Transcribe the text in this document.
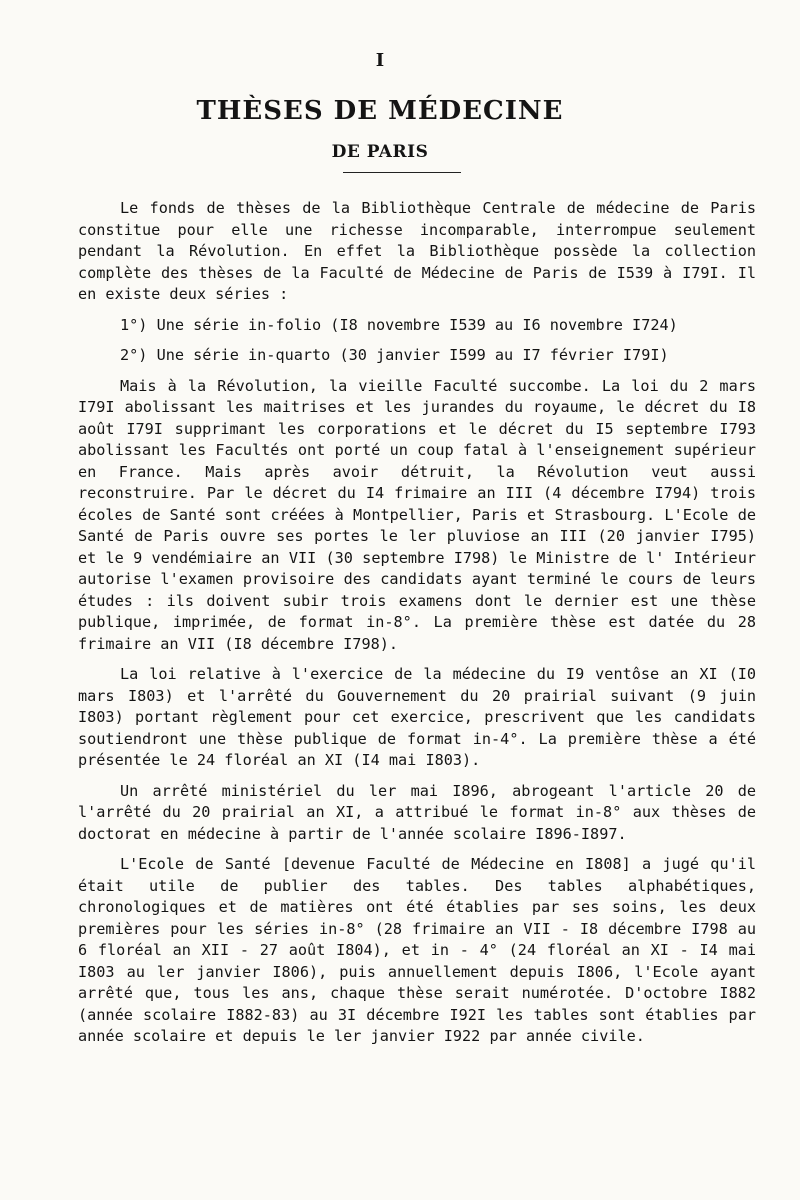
I
THÈSES DE MÉDECINE
DE PARIS

Le fonds de thèses de la Bibliothèque Centrale de médecine de Paris constitue pour elle une richesse incomparable, interrompue seulement pendant la Révolution. En effet la Bibliothèque possède la collection complète des thèses de la Faculté de Médecine de Paris de I539 à I79I. Il en existe deux séries :

1°) Une série in-folio (I8 novembre I539 au I6 novembre I724)

2°) Une série in-quarto (30 janvier I599 au I7 février I79I)

Mais à la Révolution, la vieille Faculté succombe. La loi du 2 mars I79I abolissant les maitrises et les jurandes du royaume, le décret du I8 août I79I supprimant les corporations et le décret du I5 septembre I793 abolissant les Facultés ont porté un coup fatal à l'enseignement supérieur en France. Mais après avoir détruit, la Révolution veut aussi reconstruire. Par le décret du I4 frimaire an III (4 décembre I794) trois écoles de Santé sont créées à Montpellier, Paris et Strasbourg. L'Ecole de Santé de Paris ouvre ses portes le ler pluviose an III (20 janvier I795) et le 9 vendémiaire an VII (30 septembre I798) le Ministre de l' Intérieur autorise l'examen provisoire des candidats ayant terminé le cours de leurs études : ils doivent subir trois examens dont le dernier est une thèse publique, imprimée, de format in-8°. La première thèse est datée du 28 frimaire an VII (I8 décembre I798).

La loi relative à l'exercice de la médecine du I9 ventôse an XI (I0 mars I803) et l'arrêté du Gouvernement du 20 prairial suivant (9 juin I803) portant règlement pour cet exercice, prescrivent que les candidats soutiendront une thèse publique de format in-4°. La première thèse a été présentée le 24 floréal an XI (I4 mai I803).

Un arrêté ministériel du ler mai I896, abrogeant l'article 20 de l'arrêté du 20 prairial an XI, a attribué le format in-8° aux thèses de doctorat en médecine à partir de l'année scolaire I896-I897.

L'Ecole de Santé [devenue Faculté de Médecine en I808] a jugé qu'il était utile de publier des tables. Des tables alphabétiques, chronologiques et de matières ont été établies par ses soins, les deux premières pour les séries in-8° (28 frimaire an VII - I8 décembre I798 au 6 floréal an XII - 27 août I804), et in - 4° (24 floréal an XI - I4 mai I803 au ler janvier I806), puis annuellement depuis I806, l'Ecole ayant arrêté que, tous les ans, chaque thèse serait numérotée. D'octobre I882 (année scolaire I882-83) au 3I décembre I92I les tables sont établies par année scolaire et depuis le ler janvier I922 par année civile.
